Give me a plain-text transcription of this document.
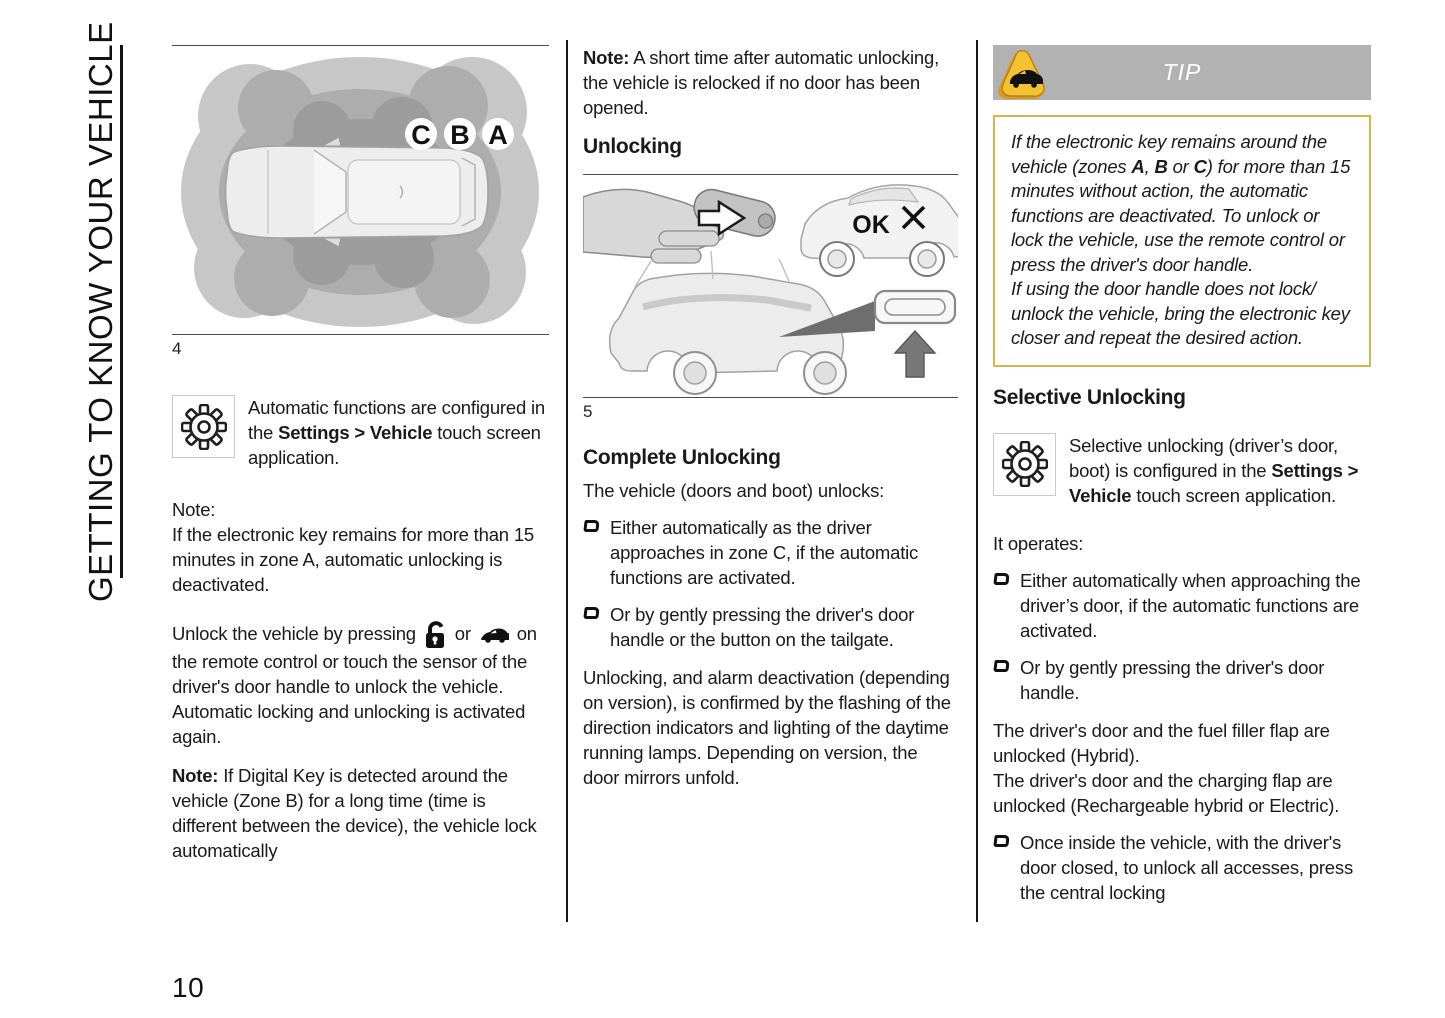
GETTING TO KNOW YOUR VEHICLE	C B A
4
Automatic functions are configured in the Settings > Vehicle touch screen application.
Note:
If the electronic key remains for more than 15 minutes in zone A, automatic unlocking is deactivated.
Unlock the vehicle by pressing  or  on the remote control or touch the sensor of the driver's door handle to unlock the vehicle.
Automatic locking and unlocking is activated again.
Note: If Digital Key is detected around the vehicle (Zone B) for a long time (time is different between the device), the vehicle lock automatically
Note: A short time after automatic unlocking, the vehicle is relocked if no door has been opened.
Unlocking
OK
5
Complete Unlocking
The vehicle (doors and boot) unlocks:
Either automatically as the driver approaches in zone C, if the automatic functions are activated.
Or by gently pressing the driver's door handle or the button on the tailgate.
Unlocking, and alarm deactivation (depending on version), is confirmed by the flashing of the direction indicators and lighting of the daytime running lamps. Depending on version, the door mirrors unfold.
TIP
If the electronic key remains around the vehicle (zones A, B or C) for more than 15 minutes without action, the automatic functions are deactivated. To unlock or lock the vehicle, use the remote control or press the driver's door handle.
If using the door handle does not lock/ unlock the vehicle, bring the electronic key closer and repeat the desired action.
Selective Unlocking
Selective unlocking (driver’s door, boot) is configured in the Settings > Vehicle touch screen application.
It operates:
Either automatically when approaching the driver’s door, if the automatic functions are activated.
Or by gently pressing the driver's door handle.
The driver's door and the fuel filler flap are unlocked (Hybrid).
The driver's door and the charging flap are unlocked (Rechargeable hybrid or Electric).
Once inside the vehicle, with the driver's door closed, to unlock all accesses, press the central locking
10
